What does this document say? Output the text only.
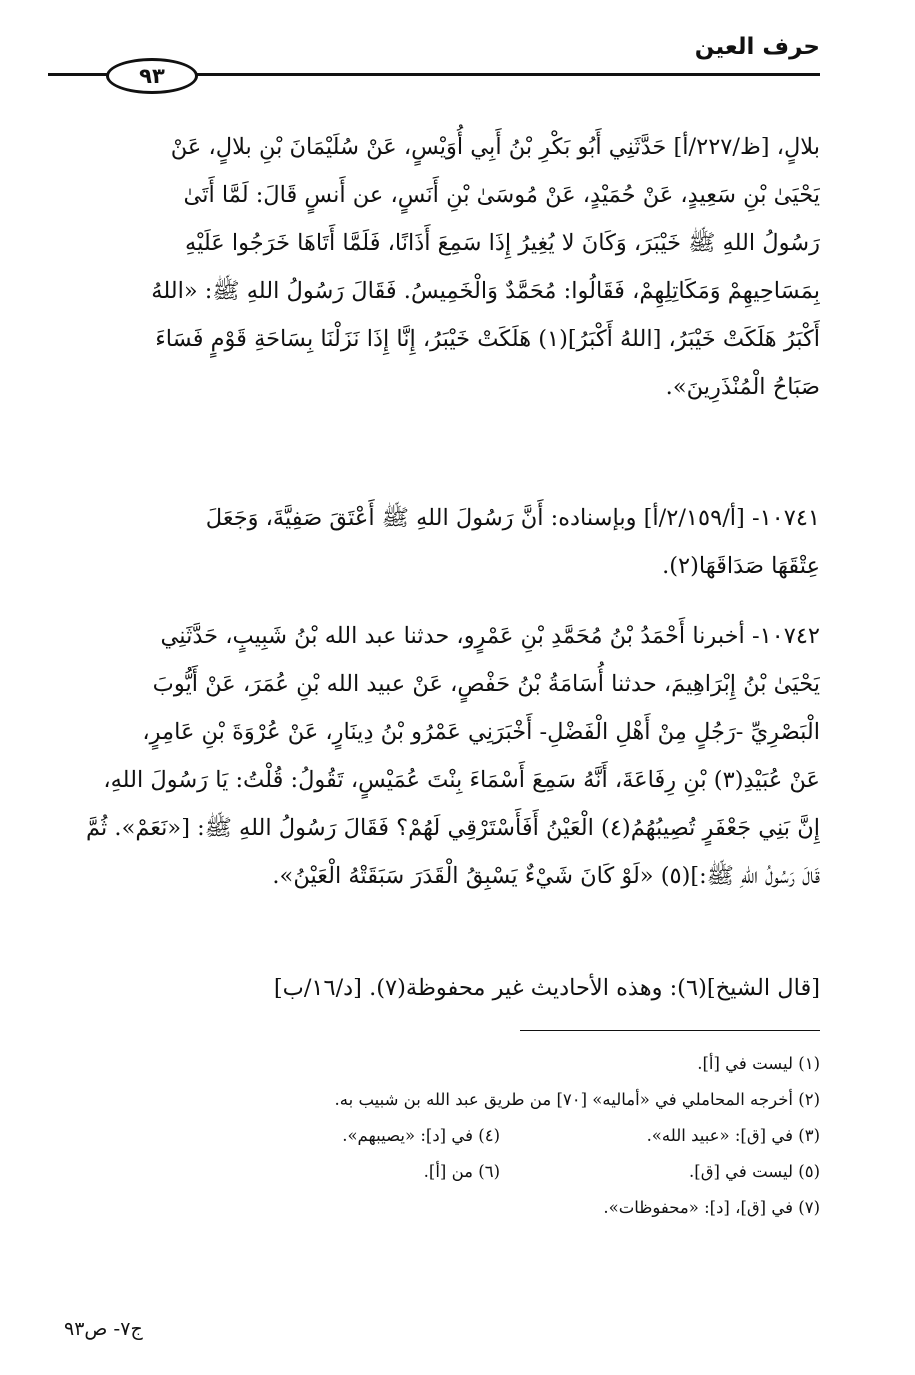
حرف العين
٩٣
بلالٍ، [ظ/٢٢٧/أ] حَدَّثَنِي أَبُو بَكْرِ بْنُ أَبِي أُوَيْسٍ، عَنْ سُلَيْمَانَ بْنِ بلالٍ، عَنْ
يَحْيَىٰ بْنِ سَعِيدٍ، عَنْ حُمَيْدٍ، عَنْ مُوسَىٰ بْنِ أَنَسٍ، عن أَنسٍ قَالَ: لَمَّا أَتَىٰ
رَسُولُ اللهِ ﷺ خَيْبَرَ، وَكَانَ لا يُغِيرُ إِذَا سَمِعَ أَذَانًا، فَلَمَّا أَتَاهَا خَرَجُوا عَلَيْهِ
بِمَسَاحِيهِمْ وَمَكَاتِلِهِمْ، فَقَالُوا: مُحَمَّدٌ وَالْخَمِيسُ. فَقَالَ رَسُولُ اللهِ ﷺ: «اللهُ
أَكْبَرُ هَلَكَتْ خَيْبَرُ، [اللهُ أَكْبَرُ](١) هَلَكَتْ خَيْبَرُ، إِنَّا إِذَا نَزَلْنَا بِسَاحَةِ قَوْمٍ فَسَاءَ
صَبَاحُ الْمُنْذَرِينَ».
١٠٧٤١- [أ/٢/١٥٩/أ] وبإسناده: أَنَّ رَسُولَ اللهِ ﷺ أَعْتَقَ صَفِيَّةَ، وَجَعَلَ
عِتْقَهَا صَدَاقَهَا(٢).
١٠٧٤٢- أخبرنا أَحْمَدُ بْنُ مُحَمَّدِ بْنِ عَمْرٍو، حدثنا عبد الله بْنُ شَبِيبٍ، حَدَّثَنِي
يَحْيَىٰ بْنُ إِبْرَاهِيمَ، حدثنا أُسَامَةُ بْنُ حَفْصٍ، عَنْ عبيد الله بْنِ عُمَرَ، عَنْ أَيُّوبَ
الْبَصْرِيِّ -رَجُلٍ مِنْ أَهْلِ الْفَضْلِ- أَخْبَرَنِي عَمْرُو بْنُ دِينَارٍ، عَنْ عُرْوَةَ بْنِ عَامِرٍ،
عَنْ عُبَيْدِ(٣) بْنِ رِفَاعَةَ، أَنَّهُ سَمِعَ أَسْمَاءَ بِنْتَ عُمَيْسٍ، تَقُولُ: قُلْتُ: يَا رَسُولَ اللهِ،
إِنَّ بَنِي جَعْفَرٍ تُصِيبُهُمُ(٤) الْعَيْنُ أَفَأَسْتَرْقِي لَهُمْ؟ فَقَالَ رَسُولُ اللهِ ﷺ: [«نَعَمْ». ثُمَّ
قَالَ رَسُولُ اللهِ ﷺ:](٥) «لَوْ كَانَ شَيْءٌ يَسْبِقُ الْقَدَرَ سَبَقَتْهُ الْعَيْنُ».
[قال الشيخ](٦): وهذه الأحاديث غير محفوظة(٧). [د/١٦/ب]
(١) ليست في [أ].
(٢) أخرجه المحاملي في «أماليه» [٧٠] من طريق عبد الله بن شبيب به.
(٣) في [ق]: «عبيد الله».
(٤) في [د]: «يصيبهم».
(٥) ليست في [ق].
(٦) من [أ].
(٧) في [ق]، [د]: «محفوظات».
ج٧- ص٩٣
